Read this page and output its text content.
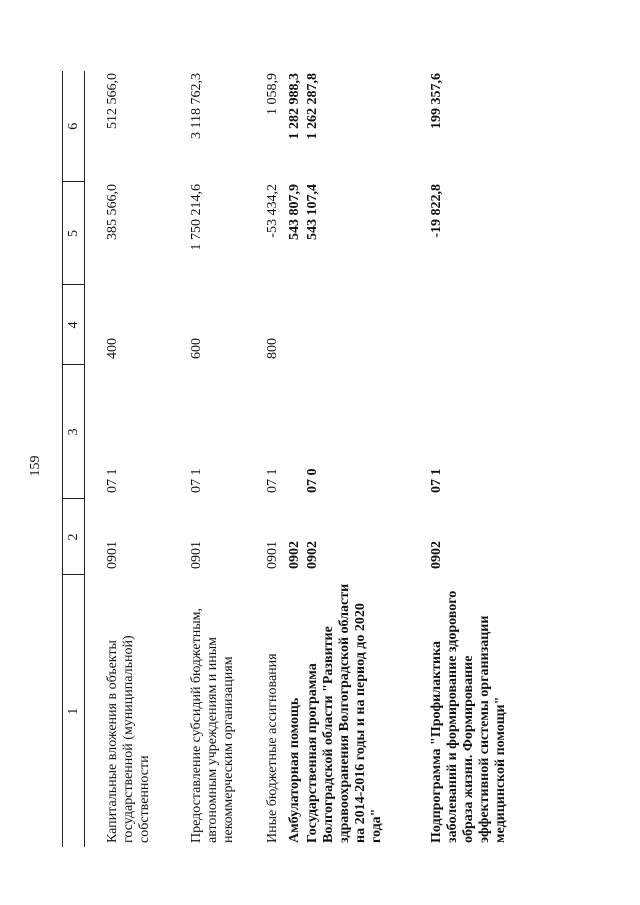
159
1	2	3	4	5	6
Капитальные вложения в объекты государственной (муниципальной) собственности	0901	07 1	400	385 566,0	512 566,0
Предоставление субсидий бюджетным, автономным учреждениям и иным некоммерческим организациям	0901	07 1	600	1 750 214,6	3 118 762,3
Иные бюджетные ассигнования	0901	07 1	800	-53 434,2	1 058,9
Амбулаторная помощь	0902			543 807,9	1 282 988,3
Государственная программа Волгоградской области "Развитие здравоохранения Волгоградской области на 2014-2016 годы и на период до 2020 года"	0902	07 0		543 107,4	1 262 287,8
Подпрограмма "Профилактика заболеваний и формирование здорового образа жизни. Формирование эффективной системы организации медицинской помощи"	0902	07 1		-19 822,8	199 357,6
